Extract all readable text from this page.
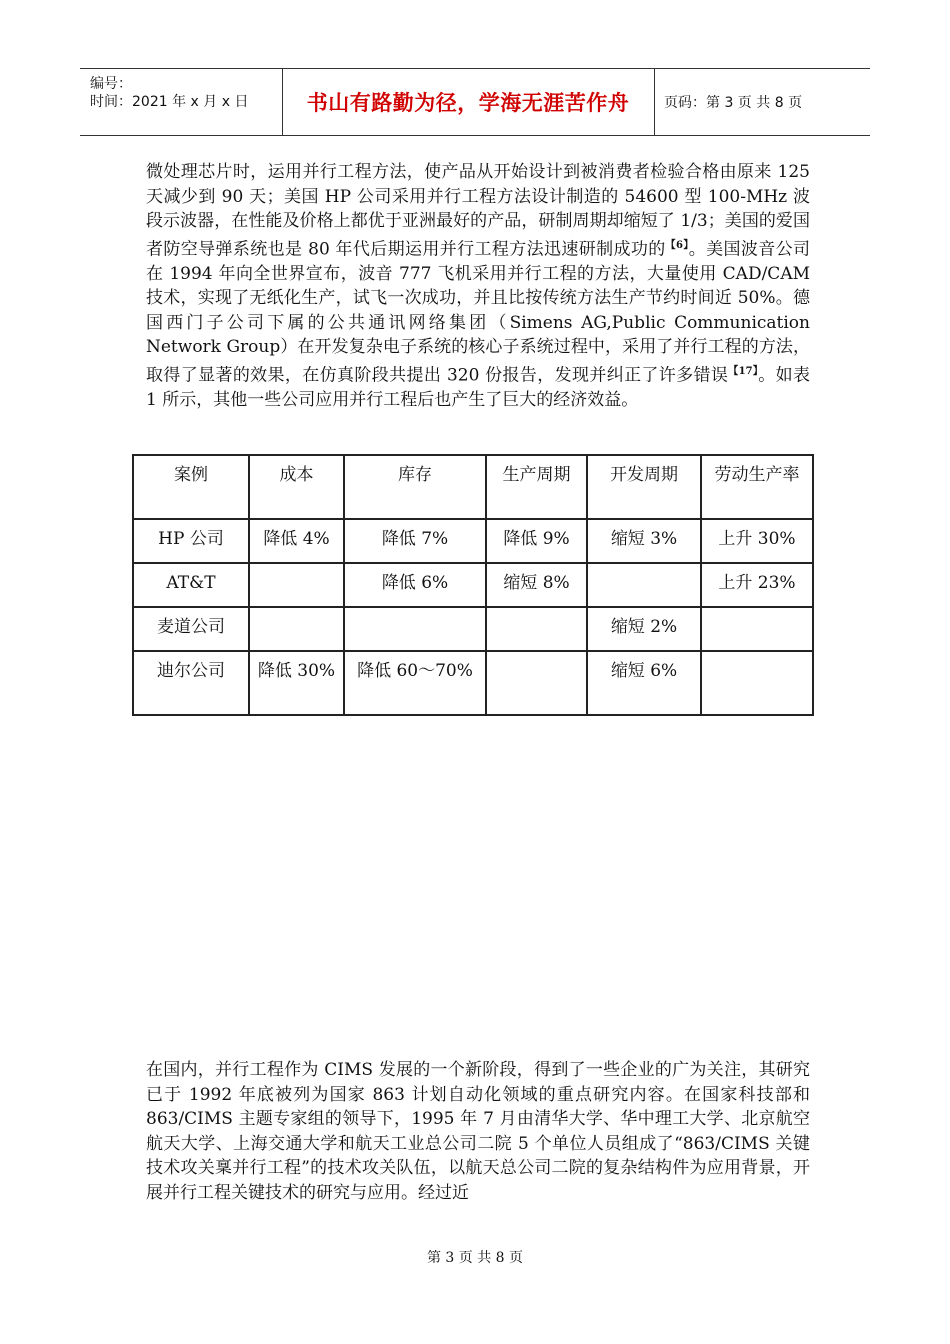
编号：
时间：2021 年 x 月 x 日	书山有路勤为径，学海无涯苦作舟	页码：第 3 页 共 8 页

微处理芯片时，运用并行工程方法，使产品从开始设计到被消费者检验合格由原来 125 天减少到 90 天；美国 HP 公司采用并行工程方法设计制造的 54600 型 100-MHz 波段示波器，在性能及价格上都优于亚洲最好的产品，研制周期却缩短了 1/3；美国的爱国者防空导弹系统也是 80 年代后期运用并行工程方法迅速研制成功的$^{【6】}$。美国波音公司在 1994 年向全世界宣布，波音 777 飞机采用并行工程的方法，大量使用 CAD/CAM 技术，实现了无纸化生产，试飞一次成功，并且比按传统方法生产节约时间近 50%。德国西门子公司下属的公共通讯网络集团（Simens AG,Public Communication Network Group）在开发复杂电子系统的核心子系统过程中，采用了并行工程的方法，取得了显著的效果，在仿真阶段共提出 320 份报告，发现并纠正了许多错误$^{【17】}$。如表 1 所示，其他一些公司应用并行工程后也产生了巨大的经济效益。

案例	成本	库存	生产周期	开发周期	劳动生产率
HP 公司	降低 4%	降低 7%	降低 9%	缩短 3%	上升 30%
AT&T		降低 6%	缩短 8%		上升 23%
麦道公司				缩短 2%	
迪尔公司	降低 30%	降低 60～70%		缩短 6%	

在国内，并行工程作为 CIMS 发展的一个新阶段，得到了一些企业的广为关注，其研究已于 1992 年底被列为国家 863 计划自动化领域的重点研究内容。在国家科技部和 863/CIMS 主题专家组的领导下，1995 年 7 月由清华大学、华中理工大学、北京航空航天大学、上海交通大学和航天工业总公司二院 5 个单位人员组成了“863/CIMS 关键技术攻关稟并行工程”的技术攻关队伍，以航天总公司二院的复杂结构件为应用背景，开展并行工程关键技术的研究与应用。经过近

第 3 页 共 8 页
